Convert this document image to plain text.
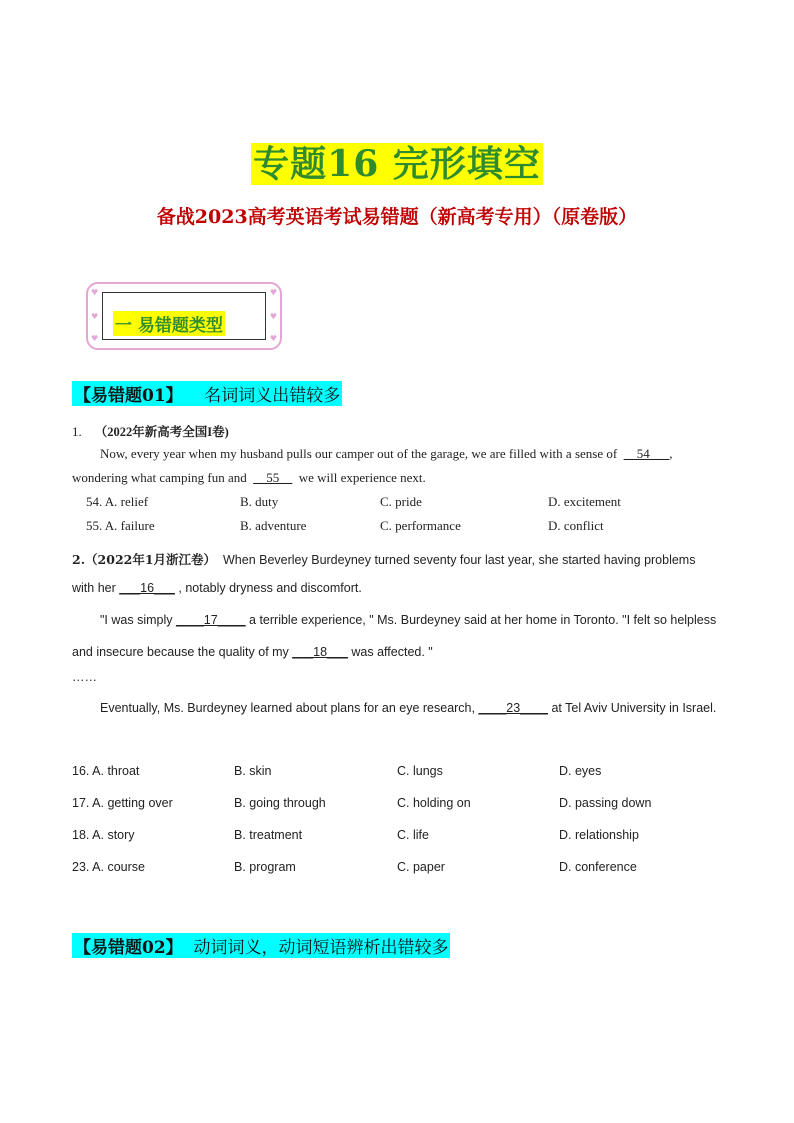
专题16 完形填空
备战2023高考英语考试易错题（新高考专用）（原卷版）
♥
♥
♥
♥
♥
♥
一 易错题类型
【易错题01】 名词词义出错较多
1. （2022年新高考全国I卷)
Now, every year when my husband pulls our camper out of the garage, we are filled with a sense of __54___,
wondering what camping fun and __55__ we will experience next.
54. A. relief	B. duty	C. pride	D. excitement
55. A. failure	B. adventure	C. performance	D. conflict
2.（2022年1月浙江卷） When Beverley Burdeyney turned seventy four last year, she started having problems
with her ___16___ , notably dryness and discomfort.
"I was simply ____17____ a terrible experience, " Ms. Burdeyney said at her home in Toronto. "I felt so helpless
and insecure because the quality of my ___18___ was affected. "
……
Eventually, Ms. Burdeyney learned about plans for an eye research, ____23____ at Tel Aviv University in Israel.
16. A. throat	B. skin	C. lungs	D. eyes
17. A. getting over	B. going through	C. holding on	D. passing down
18. A. story	B. treatment	C. life	D. relationship
23. A. course	B. program	C. paper	D. conference
【易错题02】 动词词义，动词短语辨析出错较多
